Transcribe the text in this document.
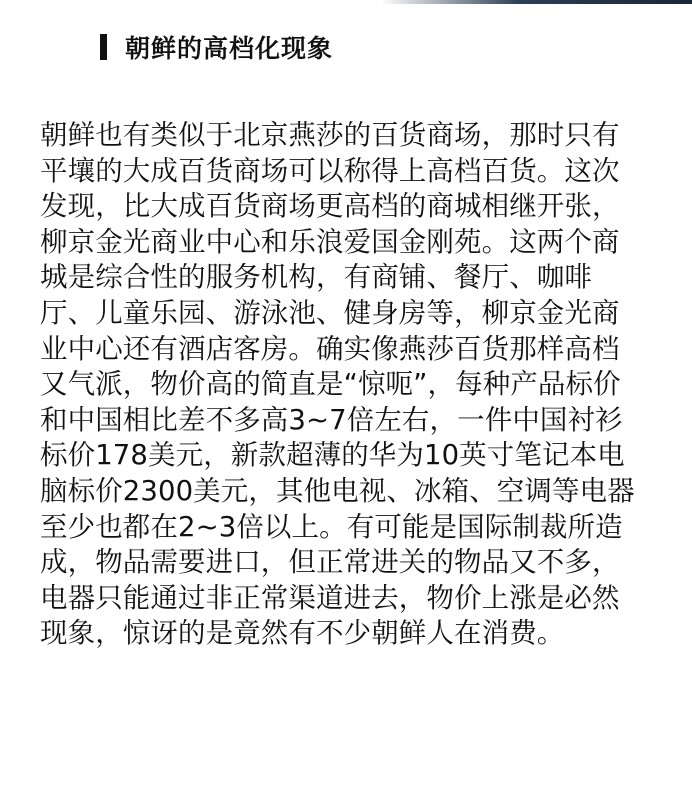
朝鲜的高档化现象
朝鲜也有类似于北京燕莎的百货商场，那时只有
平壤的大成百货商场可以称得上高档百货。这次
发现，比大成百货商场更高档的商城相继开张，
柳京金光商业中心和乐浪爱国金刚苑。这两个商
城是综合性的服务机构，有商铺、餐厅、咖啡
厅、儿童乐园、游泳池、健身房等，柳京金光商
业中心还有酒店客房。确实像燕莎百货那样高档
又气派，物价高的简直是“惊呃”，每种产品标价
和中国相比差不多高3~7倍左右，一件中国衬衫
标价178美元，新款超薄的华为10英寸笔记本电
脑标价2300美元，其他电视、冰箱、空调等电器
至少也都在2~3倍以上。有可能是国际制裁所造
成，物品需要进口，但正常进关的物品又不多，
电器只能通过非正常渠道进去，物价上涨是必然
现象，惊讶的是竟然有不少朝鲜人在消费。
